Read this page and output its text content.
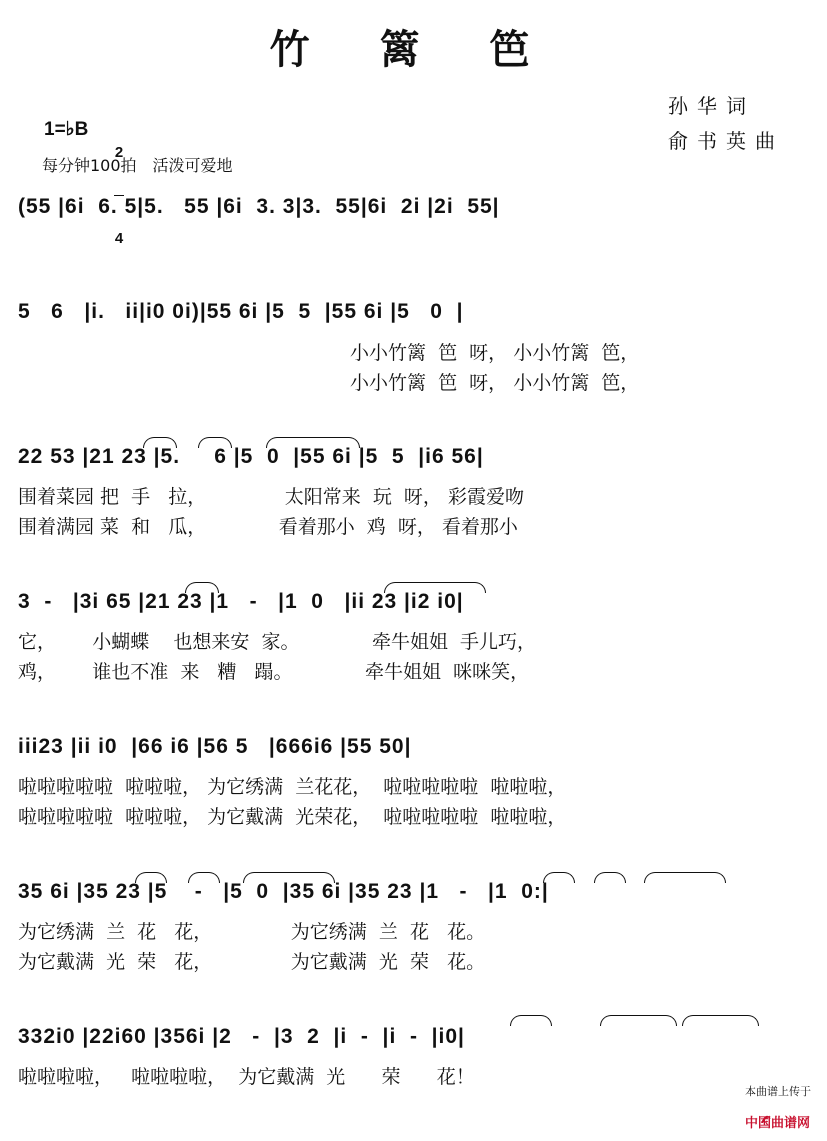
竹 篱 笆
1=♭B

2

4

每分钟100拍　活泼可爱地
孙华词
俞书英曲
(55 |6i  6. 5|5.   55 |6i  3. 3|3.  55|6i  2i |2i  55|
5   6   |i.   ii|i0 0i)|55 6i |5  5  |55 6i |5   0  |
小小竹篱  笆  呀， 小小竹篱  笆，
小小竹篱  笆  呀， 小小竹篱  笆，
22 53 |21 23 |5.     6 |5  0  |55 6i |5  5  |i6 56|
围着菜园 把  手   拉，             太阳常来  玩  呀， 彩霞爱吻
围着满园 菜  和   瓜，            看着那小  鸡  呀， 看着那小
3  -   |3i 65 |21 23 |1   -   |1  0   |ii 23 |i2 i0|
它，      小蝴蝶    也想来安  家。            牵牛姐姐  手儿巧，
鸡，      谁也不准  来   糟   蹋。            牵牛姐姐  咪咪笑，
iii23 |ii i0  |66 i6 |56 5   |666i6 |55 50|
啦啦啦啦啦  啦啦啦， 为它绣满  兰花花，  啦啦啦啦啦  啦啦啦，
啦啦啦啦啦  啦啦啦， 为它戴满  光荣花，  啦啦啦啦啦  啦啦啦，
35 6i |35 23 |5    -   |5  0  |35 6i |35 23 |1   -   |1  0:|
为它绣满  兰  花   花，             为它绣满  兰  花   花。
为它戴满  光  荣   花，             为它戴满  光  荣   花。
332i0 |22i60 |356i |2   -  |3  2  |i  -  |i  -  |i0|
啦啦啦啦，   啦啦啦啦，  为它戴满  光      荣      花！

本曲谱上传于

中国曲谱网
